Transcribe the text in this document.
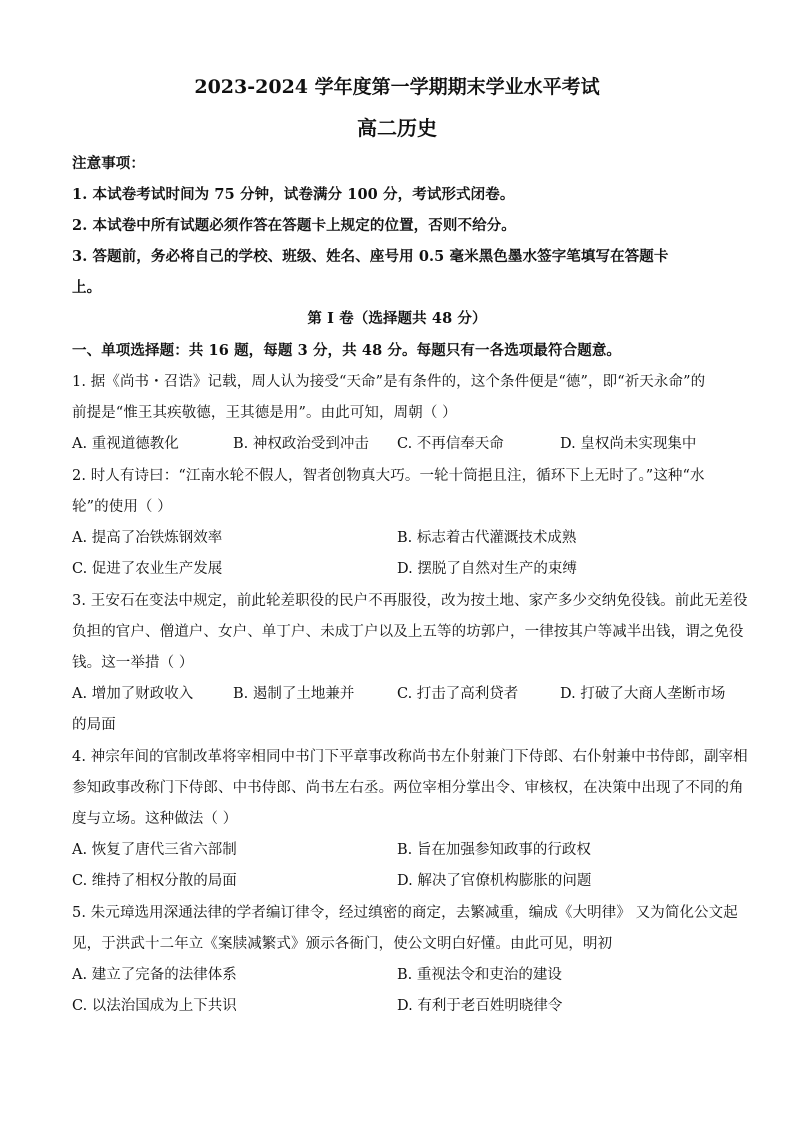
2023-2024 学年度第一学期期末学业水平考试
高二历史
注意事项：
1. 本试卷考试时间为 75 分钟，试卷满分 100 分，考试形式闭卷。
2. 本试卷中所有试题必须作答在答题卡上规定的位置，否则不给分。
3. 答题前，务必将自己的学校、班级、姓名、座号用 0.5 毫米黑色墨水签字笔填写在答题卡
上。
第 I 卷（选择题共 48 分）
一、单项选择题：共 16 题，每题 3 分，共 48 分。每题只有一各选项最符合题意。
1. 据《尚书・召诰》记载，周人认为接受“天命”是有条件的，这个条件便是“德”，即“祈天永命”的
前提是“惟王其疾敬德，王其德是用”。由此可知，周朝（ ）
A. 重视道德教化	B. 神权政治受到冲击 C. 不再信奉天命	D. 皇权尚未实现集中
2. 时人有诗曰：“江南水轮不假人，智者创物真大巧。一轮十筒挹且注，循环下上无时了。”这种“水
轮”的使用（ ）
A. 提高了冶铁炼钢效率	B. 标志着古代灌溉技术成熟
C. 促进了农业生产发展	D. 摆脱了自然对生产的束缚
3. 王安石在变法中规定，前此轮差职役的民户不再服役，改为按土地、家产多少交纳免役钱。前此无差役
负担的官户、僧道户、女户、单丁户、未成丁户以及上五等的坊郭户，一律按其户等减半出钱，谓之免役
钱。这一举措（ ）
A. 增加了财政收入	B. 遏制了土地兼并	C. 打击了高利贷者	D. 打破了大商人垄断市场
的局面
4. 神宗年间的官制改革将宰相同中书门下平章事改称尚书左仆射兼门下侍郎、右仆射兼中书侍郎，副宰相
参知政事改称门下侍郎、中书侍郎、尚书左右丞。两位宰相分掌出令、审核权，在决策中出现了不同的角
度与立场。这种做法（ ）
A. 恢复了唐代三省六部制	B. 旨在加强参知政事的行政权
C. 维持了相权分散的局面	D. 解决了官僚机构膨胀的问题
5. 朱元璋选用深通法律的学者编订律令，经过缜密的商定，去繁减重，编成《大明律》 又为简化公文起
见，于洪武十二年立《案牍减繁式》颁示各衙门，使公文明白好懂。由此可见，明初
A. 建立了完备的法律体系	B. 重视法令和吏治的建设
C. 以法治国成为上下共识	D. 有利于老百姓明晓律令
